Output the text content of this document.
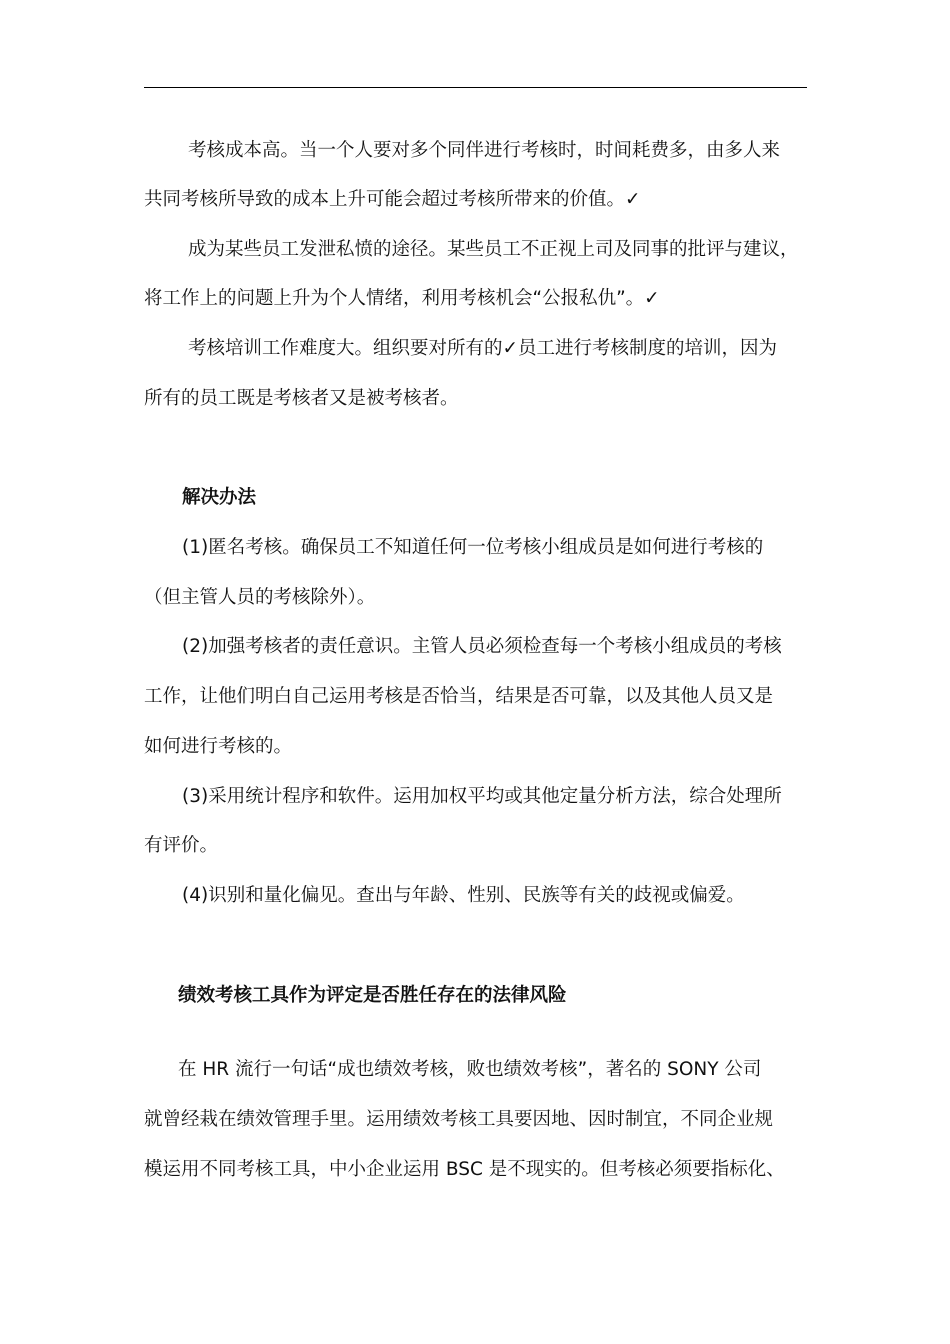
考核成本高。当一个人要对多个同伴进行考核时，时间耗费多，由多人来
共同考核所导致的成本上升可能会超过考核所带来的价值。✓
成为某些员工发泄私愤的途径。某些员工不正视上司及同事的批评与建议，
将工作上的问题上升为个人情绪，利用考核机会“公报私仇”。✓
考核培训工作难度大。组织要对所有的✓员工进行考核制度的培训，因为
所有的员工既是考核者又是被考核者。
解决办法
(1)匿名考核。确保员工不知道任何一位考核小组成员是如何进行考核的
（但主管人员的考核除外）。
(2)加强考核者的责任意识。主管人员必须检查每一个考核小组成员的考核
工作，让他们明白自己运用考核是否恰当，结果是否可靠，以及其他人员又是
如何进行考核的。
(3)采用统计程序和软件。运用加权平均或其他定量分析方法，综合处理所
有评价。
(4)识别和量化偏见。查出与年龄、性别、民族等有关的歧视或偏爱。
绩效考核工具作为评定是否胜任存在的法律风险
在 HR 流行一句话“成也绩效考核，败也绩效考核”，著名的 SONY 公司
就曾经栽在绩效管理手里。运用绩效考核工具要因地、因时制宜，不同企业规
模运用不同考核工具，中小企业运用 BSC 是不现实的。但考核必须要指标化、
